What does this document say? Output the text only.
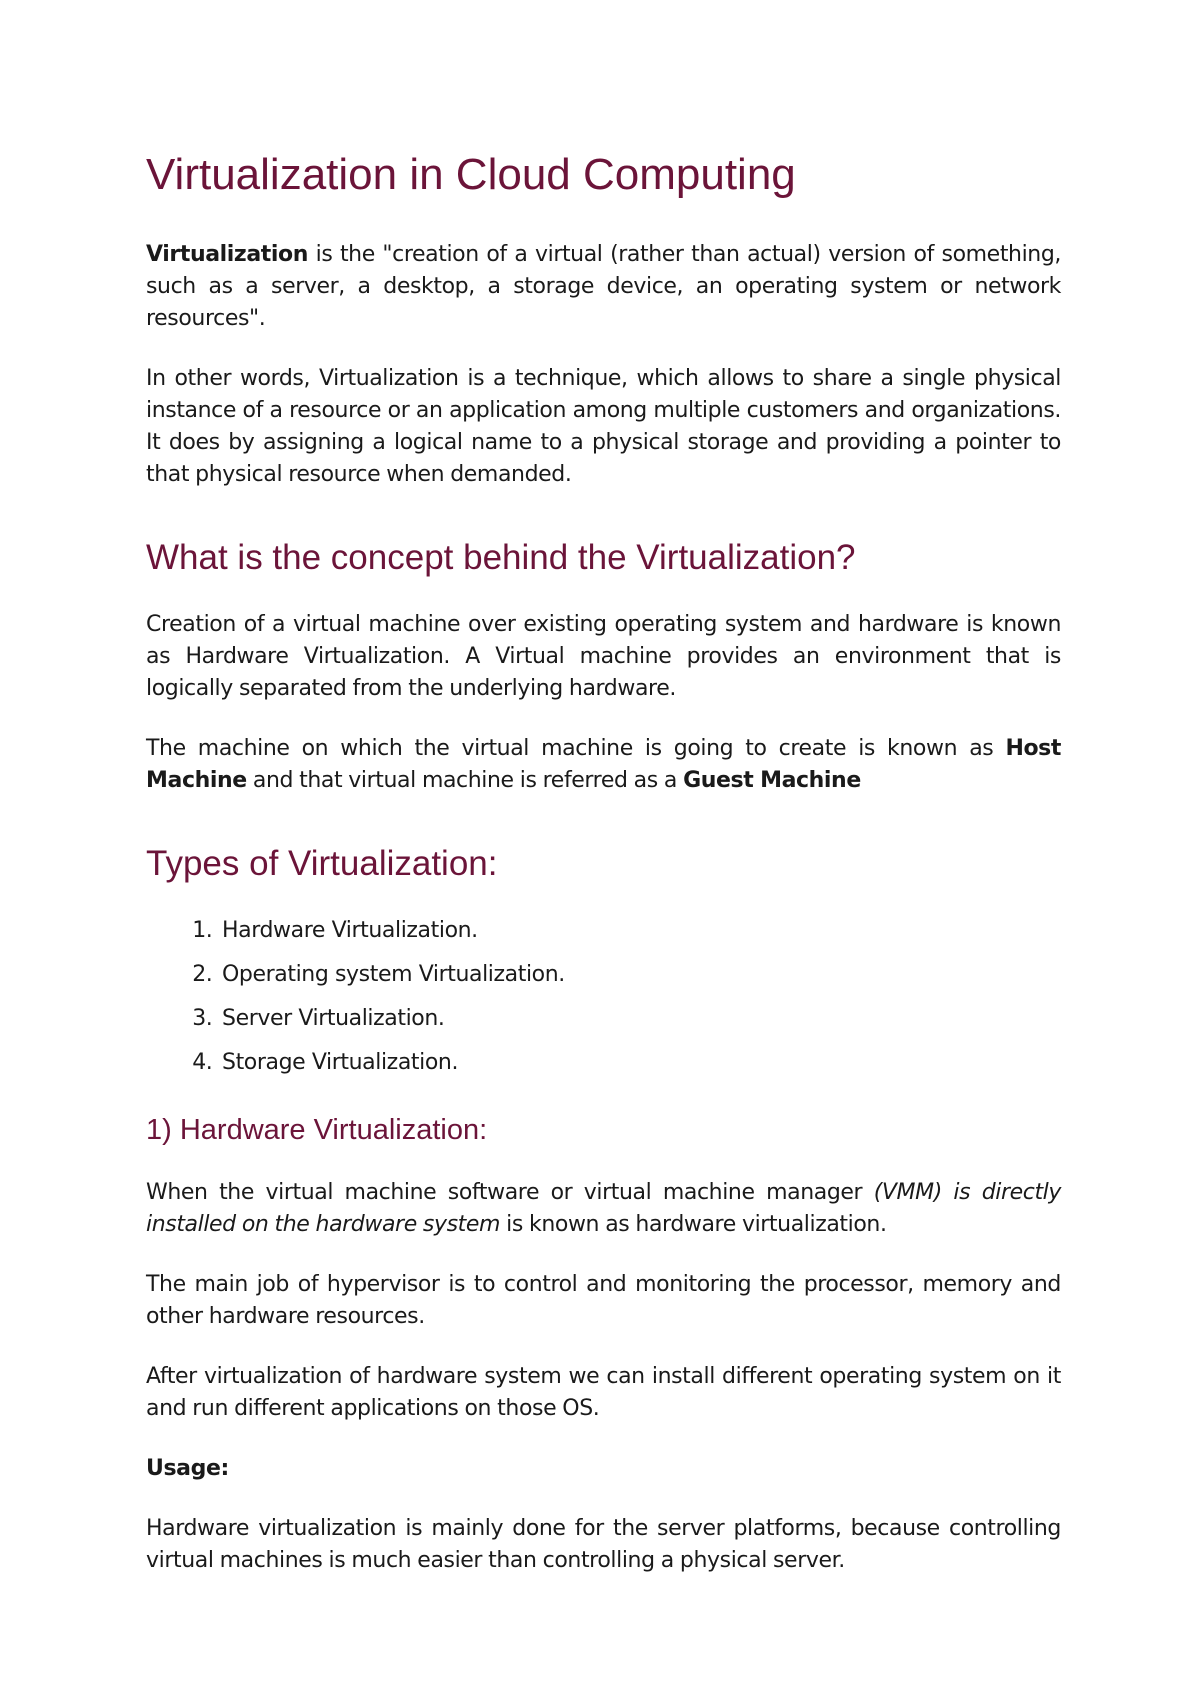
Virtualization in Cloud Computing

Virtualization is the "creation of a virtual (rather than actual) version of something, such as a server, a desktop, a storage device, an operating system or network resources".

In other words, Virtualization is a technique, which allows to share a single physical instance of a resource or an application among multiple customers and organizations. It does by assigning a logical name to a physical storage and providing a pointer to that physical resource when demanded.

What is the concept behind the Virtualization?

Creation of a virtual machine over existing operating system and hardware is known as Hardware Virtualization. A Virtual machine provides an environment that is logically separated from the underlying hardware.

The machine on which the virtual machine is going to create is known as Host Machine and that virtual machine is referred as a Guest Machine

Types of Virtualization:
1. Hardware Virtualization.
2. Operating system Virtualization.
3. Server Virtualization.
4. Storage Virtualization.
1) Hardware Virtualization:

When the virtual machine software or virtual machine manager (VMM) is directly installed on the hardware system is known as hardware virtualization.

The main job of hypervisor is to control and monitoring the processor, memory and other hardware resources.

After virtualization of hardware system we can install different operating system on it and run different applications on those OS.

Usage:

Hardware virtualization is mainly done for the server platforms, because controlling virtual machines is much easier than controlling a physical server.
